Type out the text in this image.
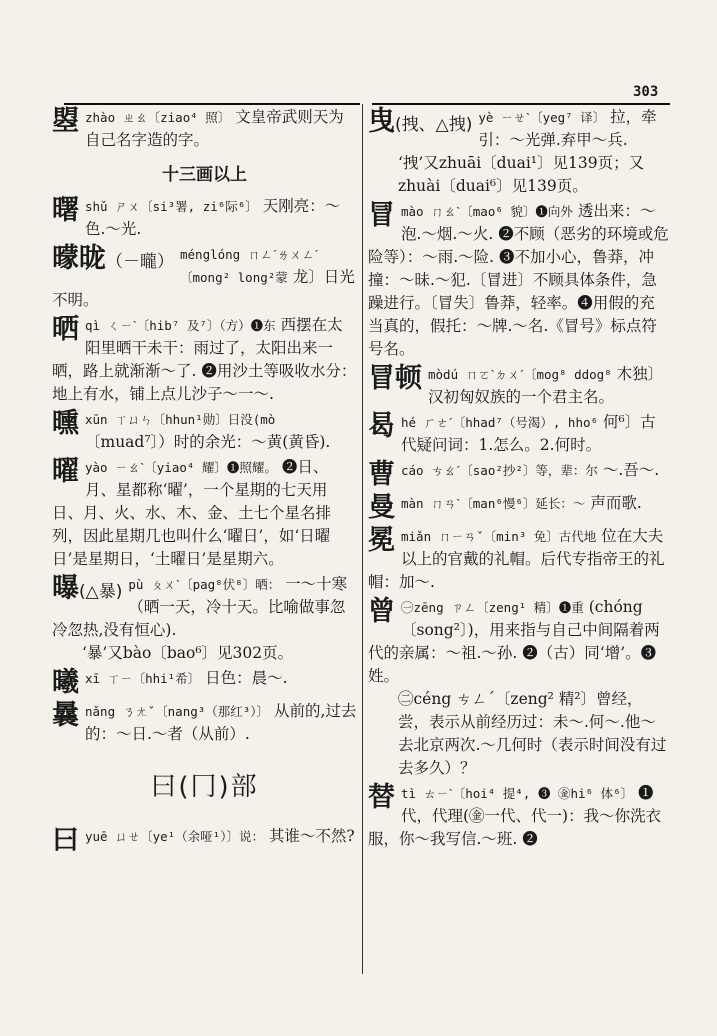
303
曌 zhào ㄓㄠ〔ziao⁴ 照〕 文皇帝武则天为自己名字造的字。
十三画以上
曙 shǔ ㄕㄨ〔si³署, zi⁶际⁶〕 天刚亮：～色.～光.
曚昽（－曨） ménglóng ㄇㄥˊㄌㄨㄥˊ〔mong² long²蒙 龙〕日光不明。
晒 qì ㄑㄧˋ〔hib⁷ 及⁷〕（方）❶东 西摆在太阳里晒干未干：雨过了，太阳出来一晒，路上就渐渐～了. ❷用沙土等吸收水分：地上有水，铺上点儿沙子～一～.
曛 xūn ㄒㄩㄣ〔hhun¹勋〕日没(mò 〔muad⁷〕）时的余光：～黄(黄昏).
曜 yào ㄧㄠˋ〔yiao⁴ 耀〕❶照耀。 ❷日、月、星都称‘曜’，一个星期的七天用日、月、火、水、木、金、土七个星名排列，因此星期几也叫什么‘曜日’，如‘日曜日’是星期日，‘土曜日’是星期六。
曝(△暴) pù ㄆㄨˋ〔pag⁸伏⁸〕晒： 一～十寒（晒一天，冷十天。比喻做事忽冷忽热,没有恒心).
‘暴’又bào〔bao⁶〕见302页。
曦 xī ㄒㄧ〔hhi¹希〕 日色：晨～.
曩 nǎng ㄋㄤˇ〔nang³（那红³）〕 从前的,过去的：～日.～者（从前）.
曰(冂)部
曰 yuē ㄩㄝ〔ye¹（余哑¹）〕说： 其谁～不然?
曳(拽、△拽) yè ㄧㄝˋ〔yeg⁷ 译〕 拉，牵引：～光弹.弃甲～兵.
‘拽’又zhuāi〔duai¹〕见139页；又zhuài〔duai⁶〕见139页。
冒 mào ㄇㄠˋ〔mao⁶ 貌〕❶向外 透出来：～泡.～烟.～火. ❷不顾（恶劣的环境或危险等）：～雨.～险. ❸不加小心，鲁莽，冲撞：～昧.～犯.〔冒进〕不顾具体条件，急躁进行。〔冒失〕鲁莽，轻率。❹用假的充当真的，假托：～牌.～名.《冒号》标点符号名。
冒顿 mòdú ㄇㄛˋㄉㄨˊ〔mog⁸ ddog⁸ 木独〕汉初匈奴族的一个君主名。
曷 hé ㄏㄜˊ〔hhad⁷（号渴）, hho⁶ 何⁶〕古代疑问词：1.怎么。2.何时。
曹 cáo ㄘㄠˊ〔sao²抄²〕等，辈：尔 ～.吾～.
曼 màn ㄇㄢˋ〔man⁶慢⁶〕延长：～ 声而歌.
冕 miǎn ㄇㄧㄢˇ〔min³ 免〕古代地 位在大夫以上的官戴的礼帽。后代专指帝王的礼帽：加～.
曾 ㊀zēng ㄗㄥ〔zeng¹ 精〕❶重 (chóng〔song²〕)，用来指与自己中间隔着两代的亲属：～祖.～孙. ❷（古）同‘增’。❸姓。
㊁céng ㄘㄥˊ〔zeng² 精²〕曾经，尝，表示从前经历过：未～.何～.他～去北京两次.～几何时（表示时间没有过去多久）？
替 tì ㄊㄧˋ〔hoi⁴ 提⁴, ❸ ㊎hi⁶ 体⁶〕 ❶代，代理(㊎一代、代一)：我～你洗衣服，你～我写信.～班. ❷
